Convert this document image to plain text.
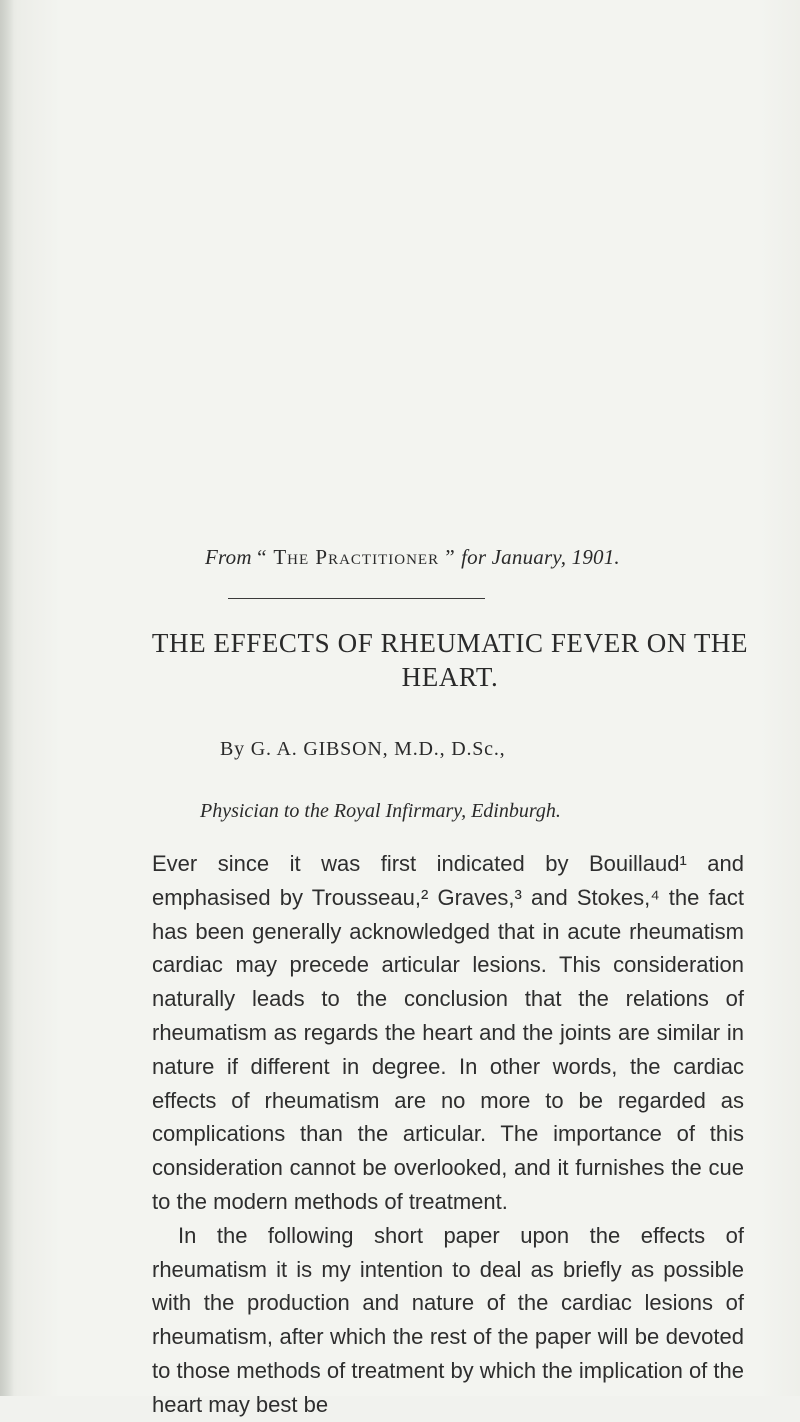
From “ The Practitioner ” for January, 1901.
THE EFFECTS OF RHEUMATIC FEVER ON THE HEART.
By G. A. GIBSON, M.D., D.Sc.,
Physician to the Royal Infirmary, Edinburgh.

Ever since it was first indicated by Bouillaud¹ and emphasised by Trousseau,² Graves,³ and Stokes,⁴ the fact has been generally acknowledged that in acute rheumatism cardiac may precede articular lesions. This consideration naturally leads to the conclusion that the relations of rheumatism as regards the heart and the joints are similar in nature if different in degree. In other words, the cardiac effects of rheumatism are no more to be regarded as complications than the articular. The importance of this consideration cannot be overlooked, and it furnishes the cue to the modern methods of treatment.

In the following short paper upon the effects of rheumatism it is my intention to deal as briefly as possible with the production and nature of the cardiac lesions of rheumatism, after which the rest of the paper will be devoted to those methods of treatment by which the implication of the heart may best be
